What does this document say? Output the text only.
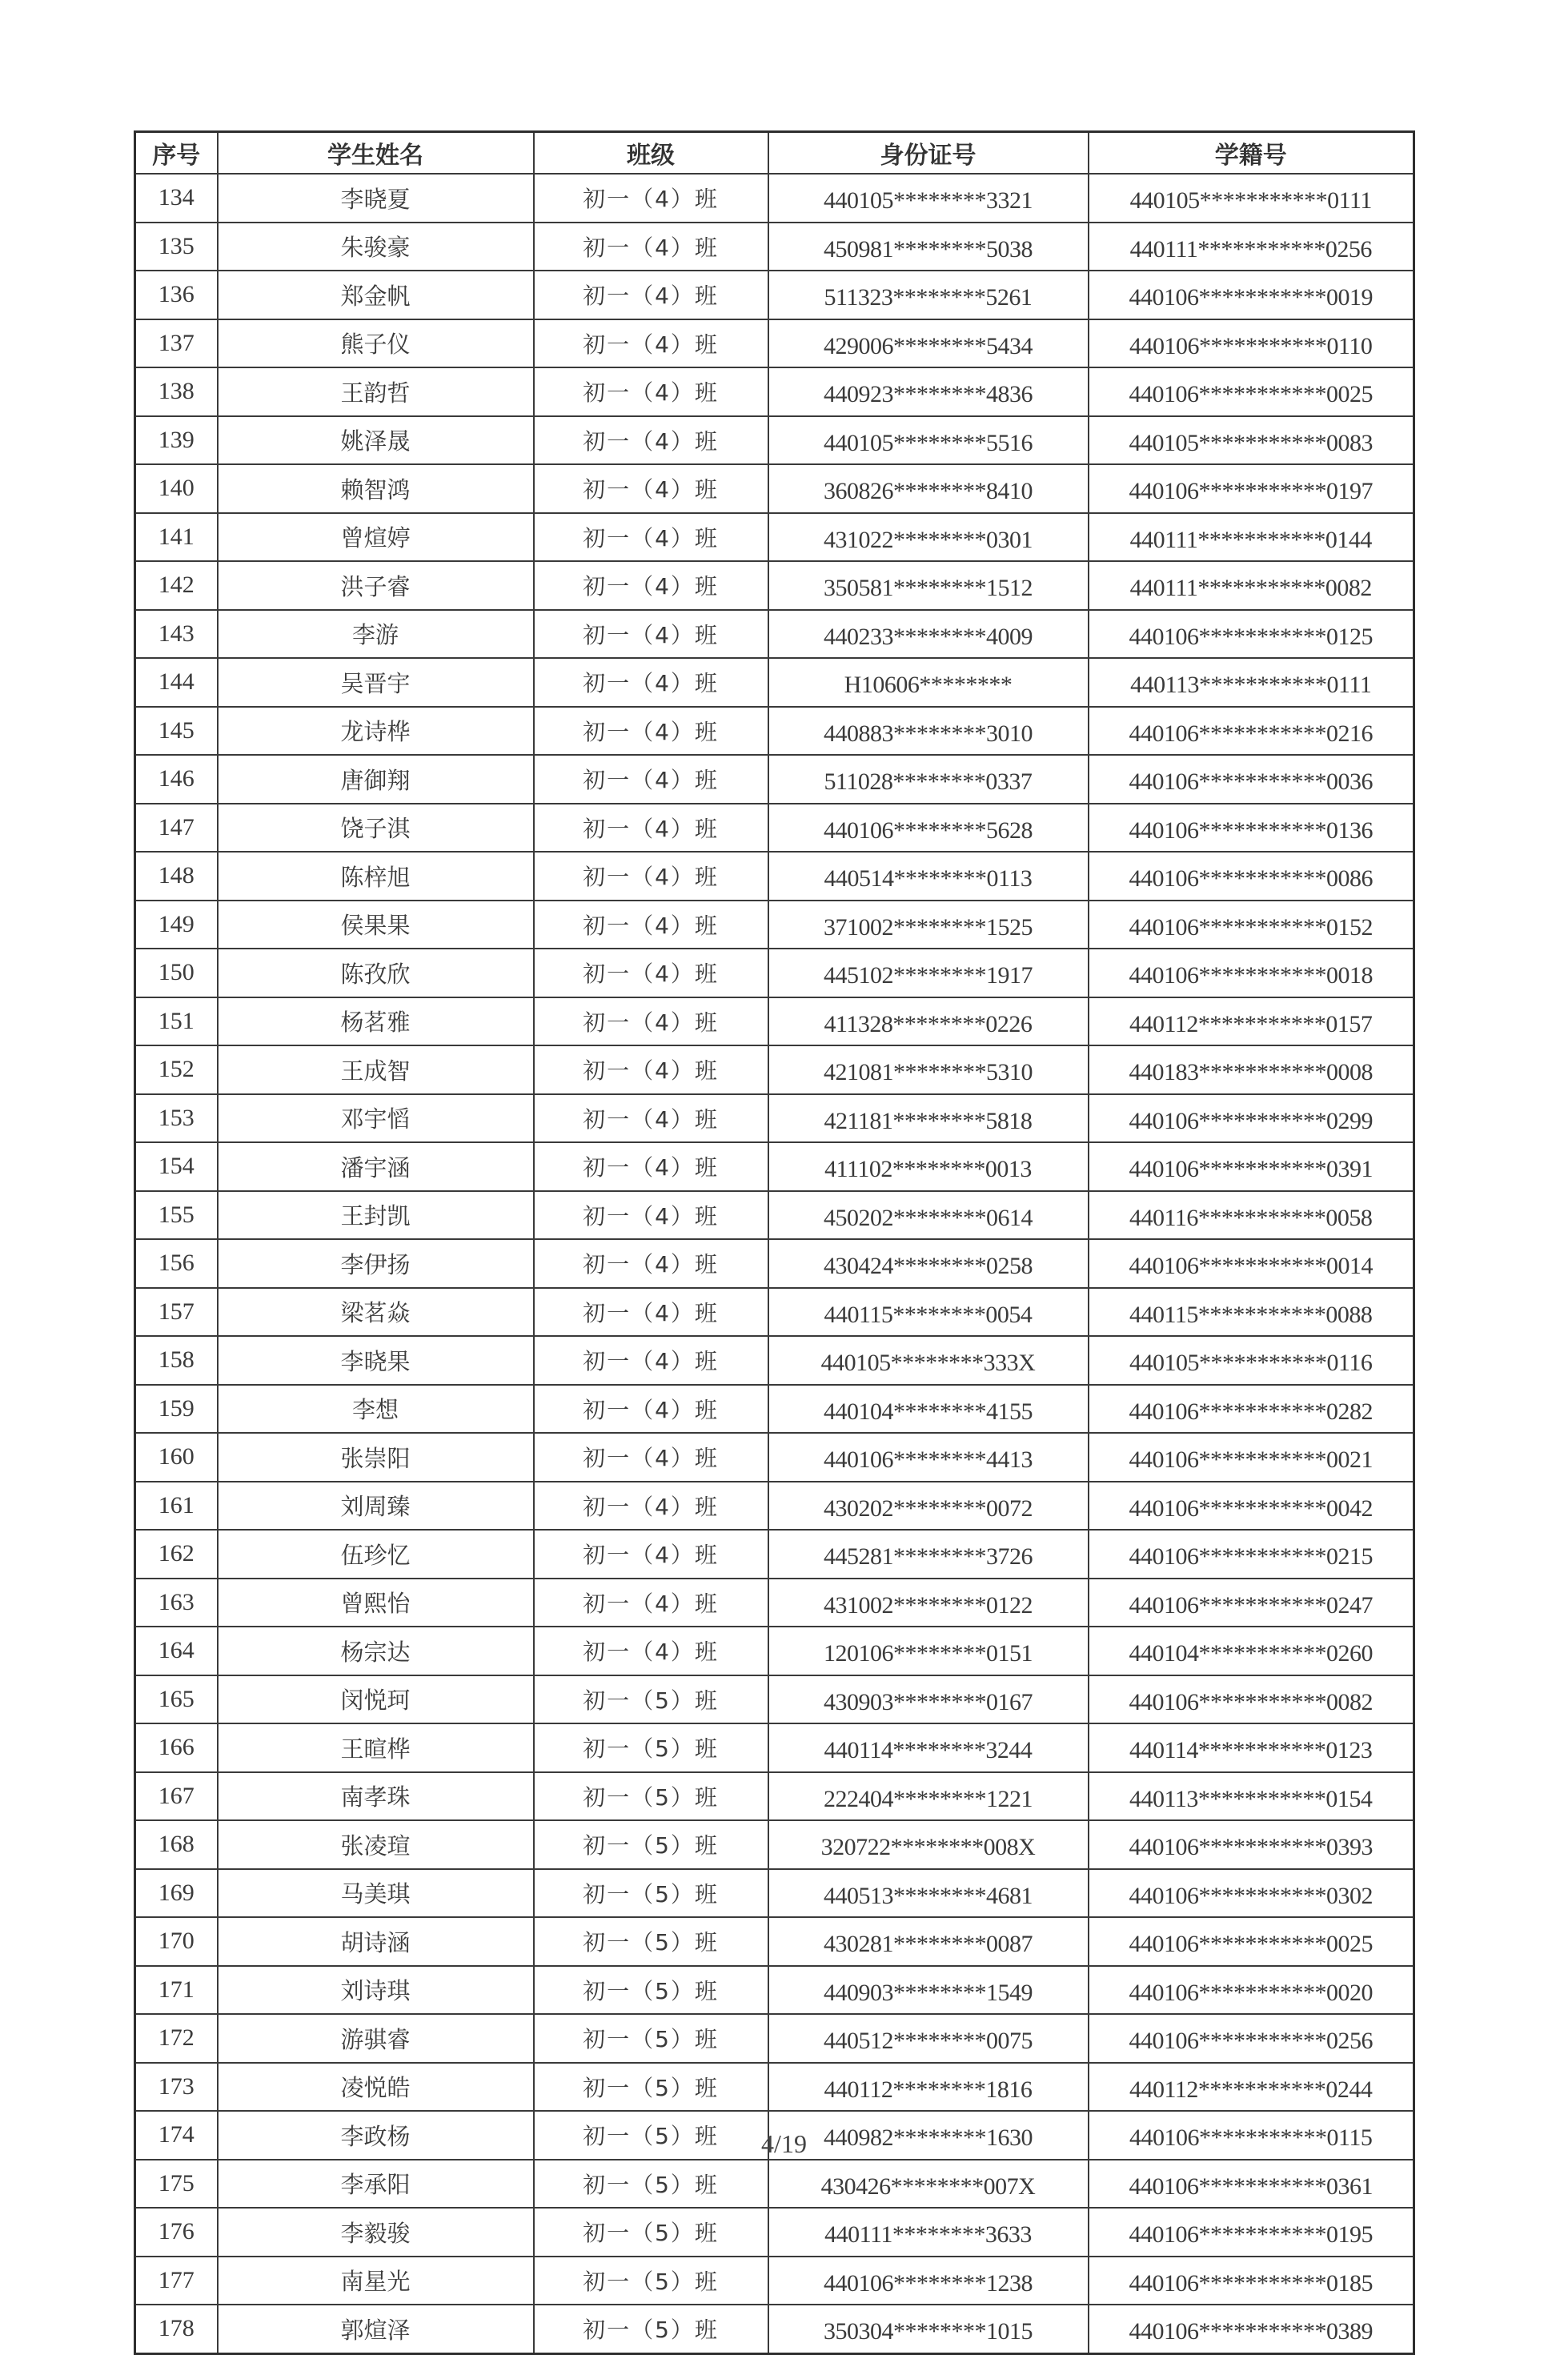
序号	学生姓名	班级	身份证号	学籍号
134	李晓夏	初一（4）班	440105********3321	440105***********0111
135	朱骏豪	初一（4）班	450981********5038	440111***********0256
136	郑金帆	初一（4）班	511323********5261	440106***********0019
137	熊子仪	初一（4）班	429006********5434	440106***********0110
138	王韵哲	初一（4）班	440923********4836	440106***********0025
139	姚泽晟	初一（4）班	440105********5516	440105***********0083
140	赖智鸿	初一（4）班	360826********8410	440106***********0197
141	曾煊婷	初一（4）班	431022********0301	440111***********0144
142	洪子睿	初一（4）班	350581********1512	440111***********0082
143	李游	初一（4）班	440233********4009	440106***********0125
144	吴晋宇	初一（4）班	H10606********	440113***********0111
145	龙诗桦	初一（4）班	440883********3010	440106***********0216
146	唐御翔	初一（4）班	511028********0337	440106***********0036
147	饶子淇	初一（4）班	440106********5628	440106***********0136
148	陈梓旭	初一（4）班	440514********0113	440106***********0086
149	侯果果	初一（4）班	371002********1525	440106***********0152
150	陈孜欣	初一（4）班	445102********1917	440106***********0018
151	杨茗雅	初一（4）班	411328********0226	440112***********0157
152	王成智	初一（4）班	421081********5310	440183***********0008
153	邓宇慆	初一（4）班	421181********5818	440106***********0299
154	潘宇涵	初一（4）班	411102********0013	440106***********0391
155	王封凯	初一（4）班	450202********0614	440116***********0058
156	李伊扬	初一（4）班	430424********0258	440106***********0014
157	梁茗焱	初一（4）班	440115********0054	440115***********0088
158	李晓果	初一（4）班	440105********333X	440105***********0116
159	李想	初一（4）班	440104********4155	440106***********0282
160	张崇阳	初一（4）班	440106********4413	440106***********0021
161	刘周臻	初一（4）班	430202********0072	440106***********0042
162	伍珍忆	初一（4）班	445281********3726	440106***********0215
163	曾熙怡	初一（4）班	431002********0122	440106***********0247
164	杨宗达	初一（4）班	120106********0151	440104***********0260
165	闵悦珂	初一（5）班	430903********0167	440106***********0082
166	王暄桦	初一（5）班	440114********3244	440114***********0123
167	南孝珠	初一（5）班	222404********1221	440113***********0154
168	张凌瑄	初一（5）班	320722********008X	440106***********0393
169	马美琪	初一（5）班	440513********4681	440106***********0302
170	胡诗涵	初一（5）班	430281********0087	440106***********0025
171	刘诗琪	初一（5）班	440903********1549	440106***********0020
172	游骐睿	初一（5）班	440512********0075	440106***********0256
173	凌悦皓	初一（5）班	440112********1816	440112***********0244
174	李政杨	初一（5）班	440982********1630	440106***********0115
175	李承阳	初一（5）班	430426********007X	440106***********0361
176	李毅骏	初一（5）班	440111********3633	440106***********0195
177	南星光	初一（5）班	440106********1238	440106***********0185
178	郭煊泽	初一（5）班	350304********1015	440106***********0389
4/19
